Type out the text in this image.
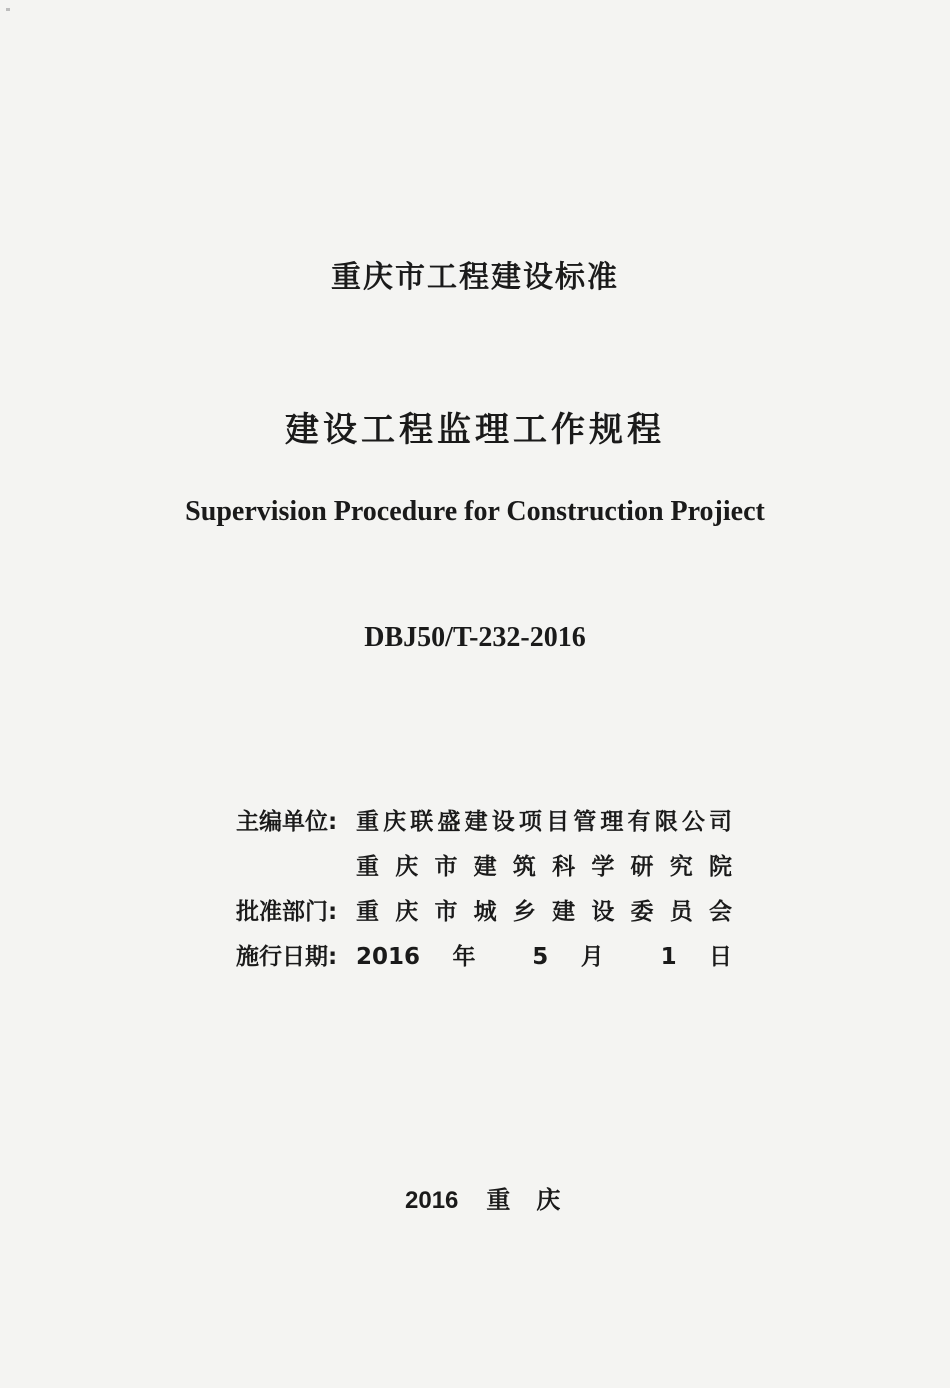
重庆市工程建设标准
建设工程监理工作规程
Supervision Procedure for Construction Projiect
DBJ50/T-232-2016
主编单位: 重庆联盛建设项目管理有限公司
重庆市建筑科学研究院
批准部门: 重庆市城乡建设委员会
施行日期: 2016 年 5 月 1 日
2016 重庆
